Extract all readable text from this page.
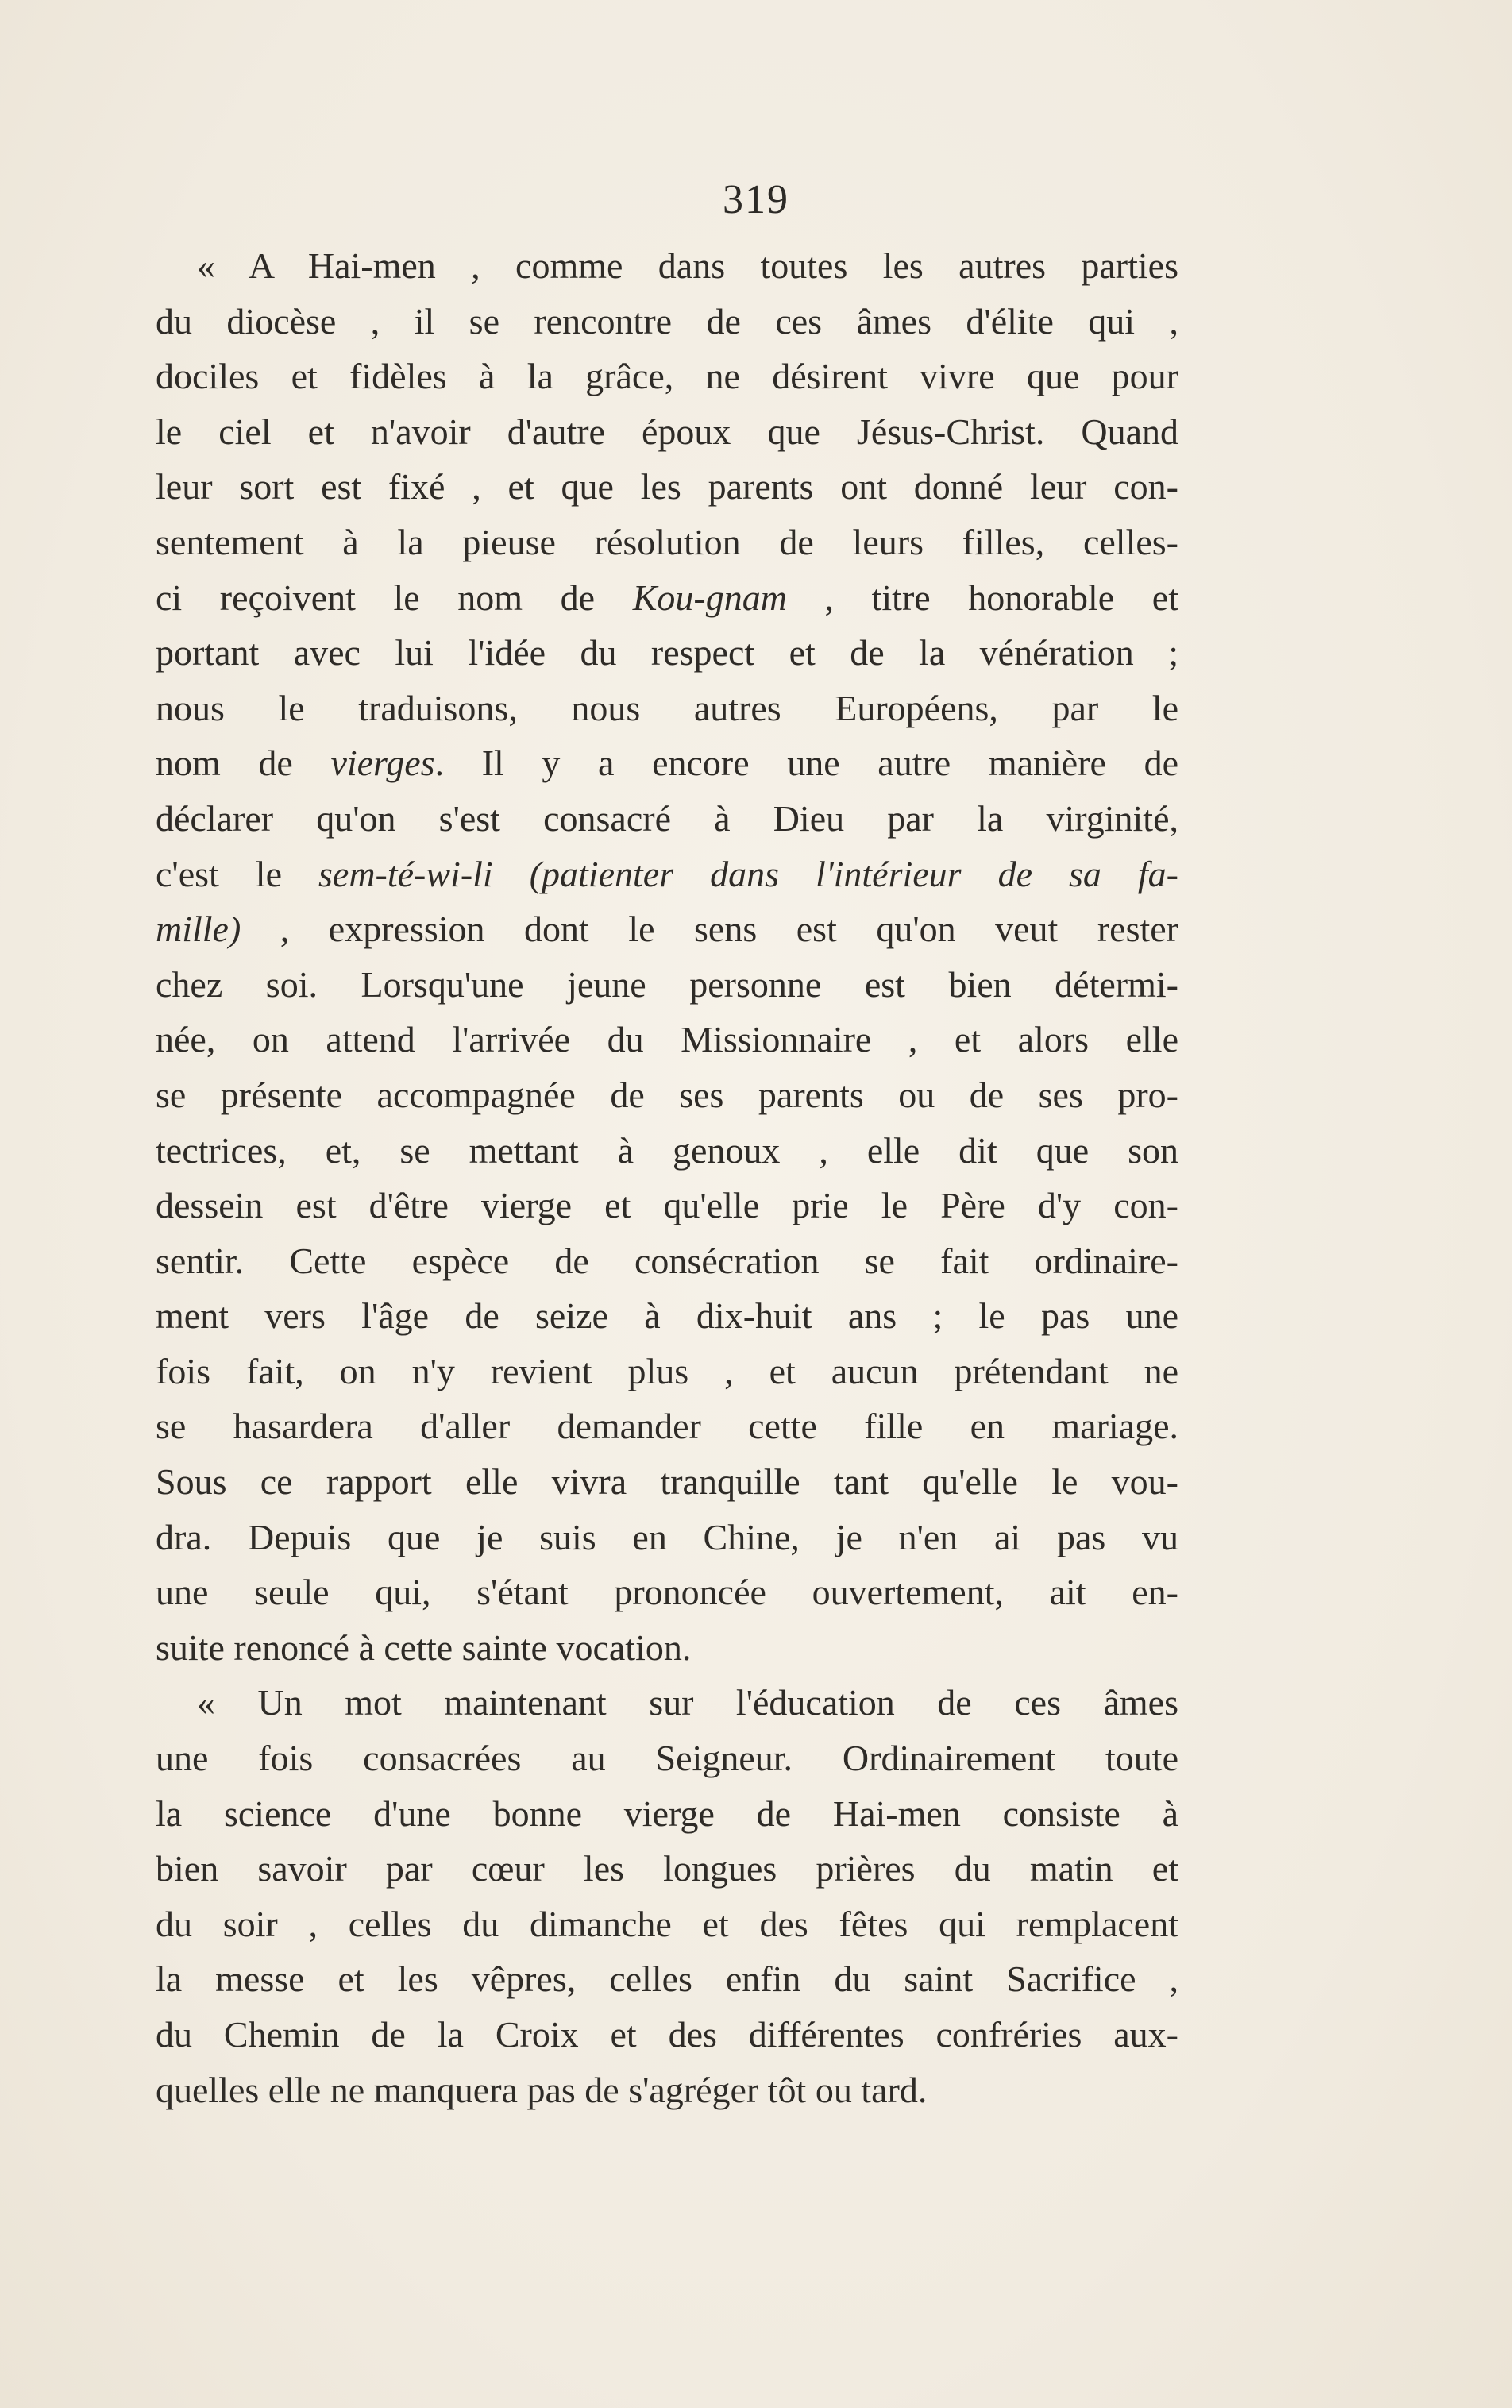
319
« A Hai-men , comme dans toutes les autres parties
du diocèse , il se rencontre de ces âmes d'élite qui ,
dociles et fidèles à la grâce, ne désirent vivre que pour
le ciel et n'avoir d'autre époux que Jésus-Christ. Quand
leur sort est fixé , et que les parents ont donné leur con-
sentement à la pieuse résolution de leurs filles, celles-
ci reçoivent le nom de Kou-gnam , titre honorable et
portant avec lui l'idée du respect et de la vénération ;
nous le traduisons, nous autres Européens, par le
nom de vierges. Il y a encore une autre manière de
déclarer qu'on s'est consacré à Dieu par la virginité,
c'est le sem-té-wi-li (patienter dans l'intérieur de sa fa-
mille) , expression dont le sens est qu'on veut rester
chez soi. Lorsqu'une jeune personne est bien détermi-
née, on attend l'arrivée du Missionnaire , et alors elle
se présente accompagnée de ses parents ou de ses pro-
tectrices, et, se mettant à genoux , elle dit que son
dessein est d'être vierge et qu'elle prie le Père d'y con-
sentir. Cette espèce de consécration se fait ordinaire-
ment vers l'âge de seize à dix-huit ans ; le pas une
fois fait, on n'y revient plus , et aucun prétendant ne
se hasardera d'aller demander cette fille en mariage.
Sous ce rapport elle vivra tranquille tant qu'elle le vou-
dra. Depuis que je suis en Chine, je n'en ai pas vu
une seule qui, s'étant prononcée ouvertement, ait en-
suite renoncé à cette sainte vocation.
« Un mot maintenant sur l'éducation de ces âmes
une fois consacrées au Seigneur. Ordinairement toute
la science d'une bonne vierge de Hai-men consiste à
bien savoir par cœur les longues prières du matin et
du soir , celles du dimanche et des fêtes qui remplacent
la messe et les vêpres, celles enfin du saint Sacrifice ,
du Chemin de la Croix et des différentes confréries aux-
quelles elle ne manquera pas de s'agréger tôt ou tard.
